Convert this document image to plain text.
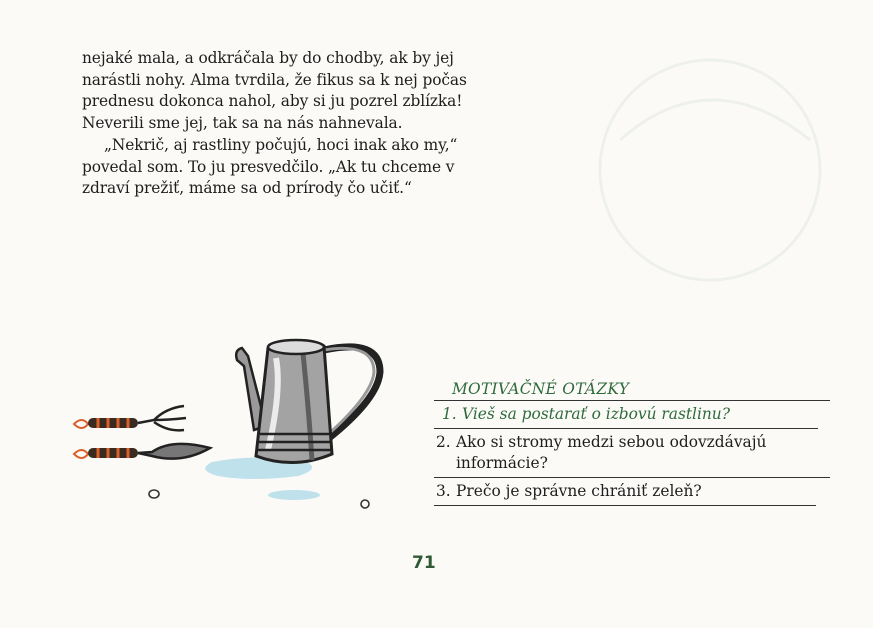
nejaké mala, a odkráčala by do chodby, ak by jej narástli nohy. Alma tvrdila, že fikus sa k nej počas prednesu dokonca nahol, aby si ju pozrel zblízka! Neverili sme jej, tak sa na nás nahnevala.

„Nekrič, aj rastliny počujú, hoci inak ako my,“ povedal som. To ju presvedčilo. „Ak tu chceme v zdraví prežiť, máme sa od prírody čo učiť.“

MOTIVAČNÉ OTÁZKY
1. Vieš sa postarať o izbovú rastlinu?
2. Ako si stromy medzi sebou odovzdávajú informácie?
3. Prečo je správne chrániť zeleň?
71
